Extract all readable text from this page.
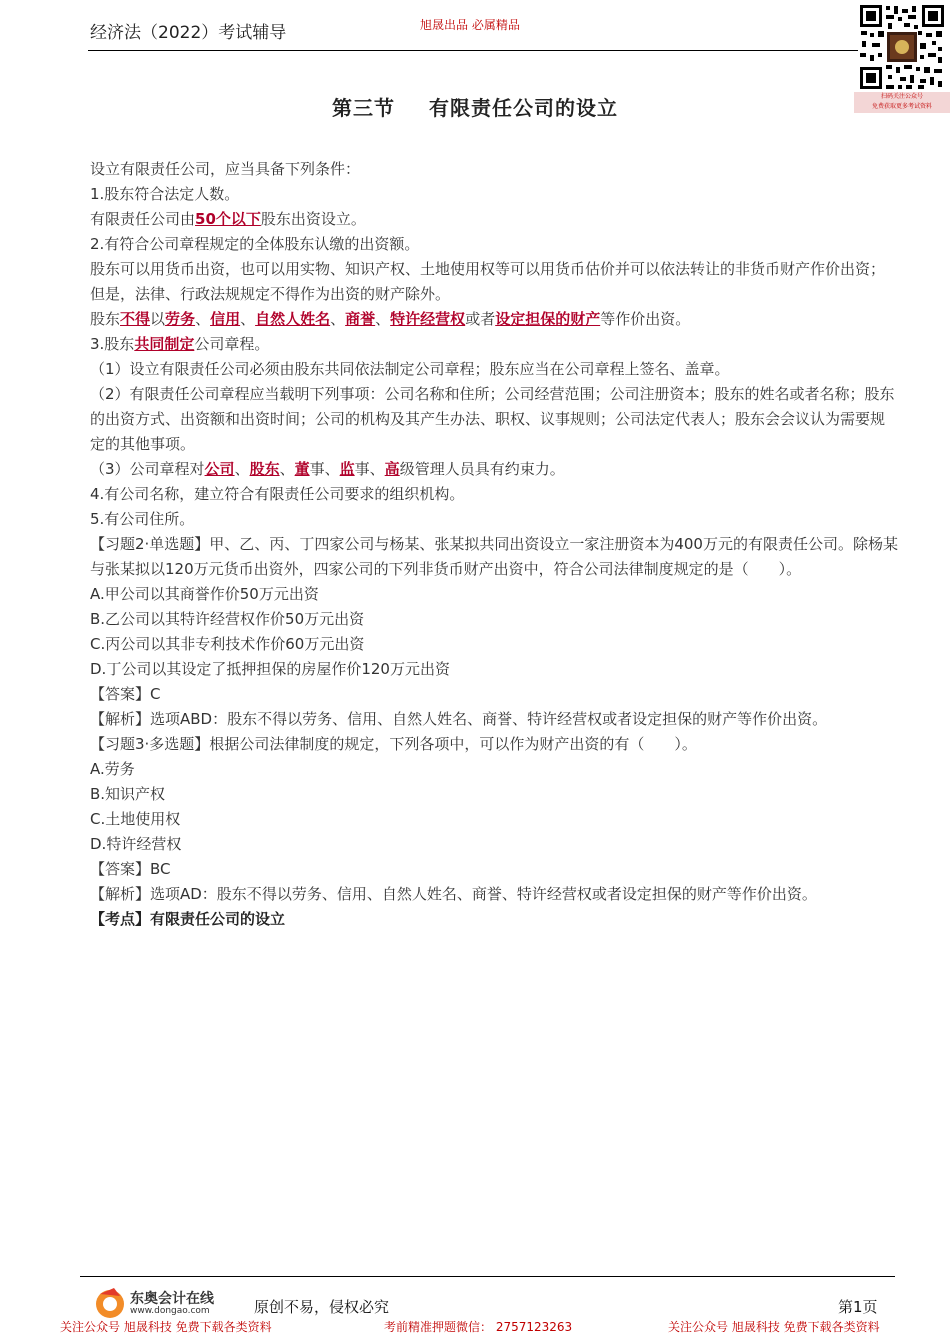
经济法（2022）考试辅导	旭晟出品 必属精品
扫码关注公众号
免费获取更多考试资料
第三节 有限责任公司的设立

设立有限责任公司，应当具备下列条件：

1.股东符合法定人数。

有限责任公司由50个以下股东出资设立。

2.有符合公司章程规定的全体股东认缴的出资额。

股东可以用货币出资，也可以用实物、知识产权、土地使用权等可以用货币估价并可以依法转让的非货币财产作价出资；但是，法律、行政法规规定不得作为出资的财产除外。

股东不得以劳务、信用、自然人姓名、商誉、特许经营权或者设定担保的财产等作价出资。

3.股东共同制定公司章程。

（1）设立有限责任公司必须由股东共同依法制定公司章程；股东应当在公司章程上签名、盖章。

（2）有限责任公司章程应当载明下列事项：公司名称和住所；公司经营范围；公司注册资本；股东的姓名或者名称；股东的出资方式、出资额和出资时间；公司的机构及其产生办法、职权、议事规则；公司法定代表人；股东会会议认为需要规定的其他事项。

（3）公司章程对公司、股东、董事、监事、高级管理人员具有约束力。

4.有公司名称，建立符合有限责任公司要求的组织机构。

5.有公司住所。

【习题2·单选题】甲、乙、丙、丁四家公司与杨某、张某拟共同出资设立一家注册资本为400万元的有限责任公司。除杨某与张某拟以120万元货币出资外，四家公司的下列非货币财产出资中，符合公司法律制度规定的是（　　）。

A.甲公司以其商誉作价50万元出资

B.乙公司以其特许经营权作价50万元出资

C.丙公司以其非专利技术作价60万元出资

D.丁公司以其设定了抵押担保的房屋作价120万元出资

【答案】C

【解析】选项ABD：股东不得以劳务、信用、自然人姓名、商誉、特许经营权或者设定担保的财产等作价出资。

【习题3·多选题】根据公司法律制度的规定，下列各项中，可以作为财产出资的有（　　）。

A.劳务

B.知识产权

C.土地使用权

D.特许经营权

【答案】BC

【解析】选项AD：股东不得以劳务、信用、自然人姓名、商誉、特许经营权或者设定担保的财产等作价出资。

【考点】有限责任公司的设立

东奥会计在线
www.dongao.com	原创不易，侵权必究	第1页
关注公众号 旭晟科技 免费下载各类资料	考前精准押题微信： 2757123263	关注公众号 旭晟科技 免费下载各类资料
